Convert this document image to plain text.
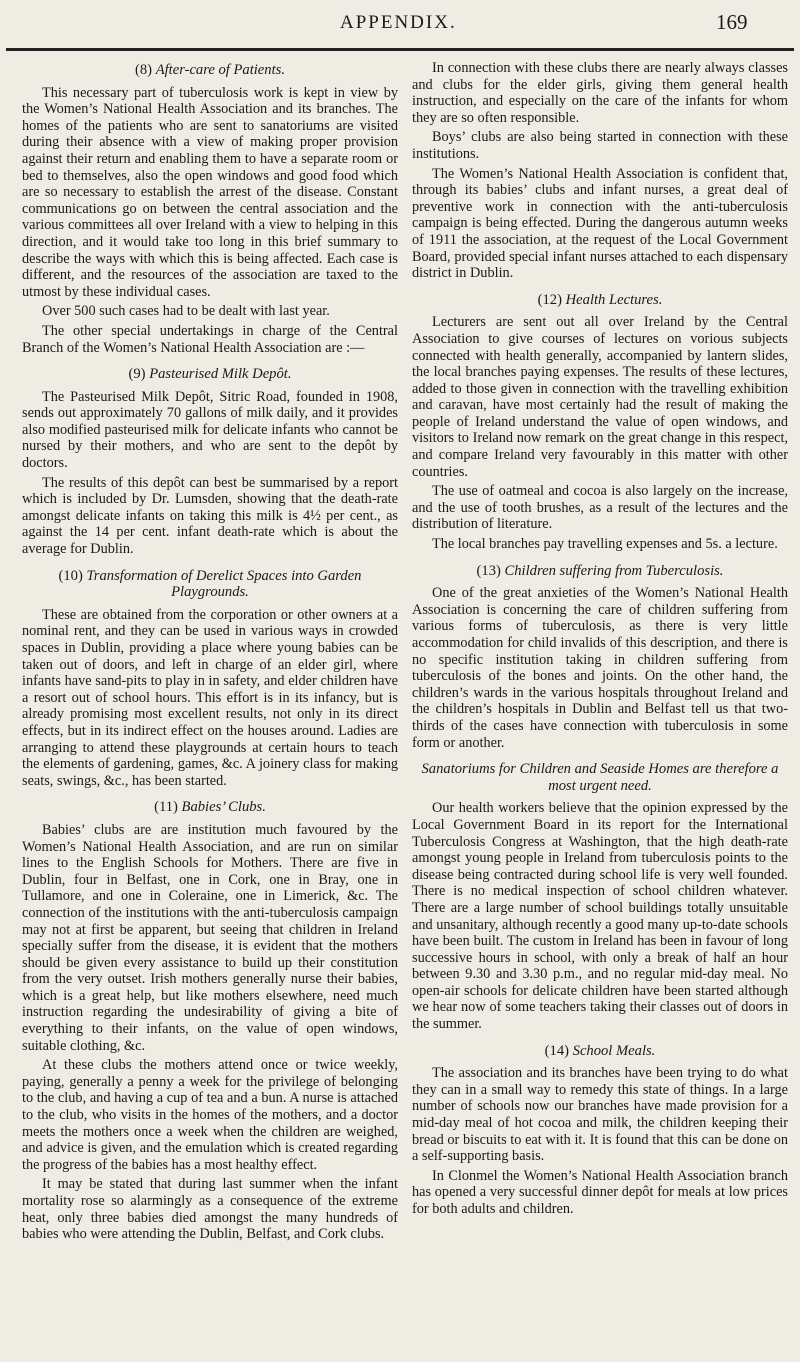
APPENDIX.	169
(8) After-care of Patients.

This necessary part of tuberculosis work is kept in view by the Women’s National Health Association and its branches. The homes of the patients who are sent to sanatoriums are visited during their absence with a view of making proper provision against their return and enabling them to have a separate room or bed to themselves, also the open windows and good food which are so necessary to establish the arrest of the disease. Constant communications go on between the central association and the various committees all over Ireland with a view to helping in this direction, and it would take too long in this brief summary to describe the ways with which this is being affected. Each case is different, and the resources of the association are taxed to the utmost by these individual cases.

Over 500 such cases had to be dealt with last year.

The other special undertakings in charge of the Central Branch of the Women’s National Health Association are :—

(9) Pasteurised Milk Depôt.

The Pasteurised Milk Depôt, Sitric Road, founded in 1908, sends out approximately 70 gallons of milk daily, and it provides also modified pasteurised milk for delicate infants who cannot be nursed by their mothers, and who are sent to the depôt by doctors.

The results of this depôt can best be summarised by a report which is included by Dr. Lumsden, showing that the death-rate amongst delicate infants on taking this milk is 4½ per cent., as against the 14 per cent. infant death-rate which is about the average for Dublin.

(10) Transformation of Derelict Spaces into Garden Playgrounds.

These are obtained from the corporation or other owners at a nominal rent, and they can be used in various ways in crowded spaces in Dublin, providing a place where young babies can be taken out of doors, and left in charge of an elder girl, where infants have sand-pits to play in in safety, and elder children have a resort out of school hours. This effort is in its infancy, but is already promising most excellent results, not only in its direct effects, but in its indirect effect on the houses around. Ladies are arranging to attend these playgrounds at certain hours to teach the elements of gardening, games, &c. A joinery class for making seats, swings, &c., has been started.

(11) Babies’ Clubs.

Babies’ clubs are are institution much favoured by the Women’s National Health Association, and are run on similar lines to the English Schools for Mothers. There are five in Dublin, four in Belfast, one in Cork, one in Bray, one in Tullamore, and one in Coleraine, one in Limerick, &c. The connection of the institutions with the anti-tuberculosis campaign may not at first be apparent, but seeing that children in Ireland specially suffer from the disease, it is evident that the mothers should be given every assistance to build up their constitution from the very outset. Irish mothers generally nurse their babies, which is a great help, but like mothers elsewhere, need much instruction regarding the undesirability of giving a bite of everything to their infants, on the value of open windows, suitable clothing, &c.

At these clubs the mothers attend once or twice weekly, paying, generally a penny a week for the privilege of belonging to the club, and having a cup of tea and a bun. A nurse is attached to the club, who visits in the homes of the mothers, and a doctor meets the mothers once a week when the children are weighed, and advice is given, and the emulation which is created regarding the progress of the babies has a most healthy effect.

It may be stated that during last summer when the infant mortality rose so alarmingly as a consequence of the extreme heat, only three babies died amongst the many hundreds of babies who were attending the Dublin, Belfast, and Cork clubs.

In connection with these clubs there are nearly always classes and clubs for the elder girls, giving them general health instruction, and especially on the care of the infants for whom they are so often responsible.

Boys’ clubs are also being started in connection with these institutions.

The Women’s National Health Association is confident that, through its babies’ clubs and infant nurses, a great deal of preventive work in connection with the anti-tuberculosis campaign is being effected. During the dangerous autumn weeks of 1911 the association, at the request of the Local Government Board, provided special infant nurses attached to each dispensary district in Dublin.

(12) Health Lectures.

Lecturers are sent out all over Ireland by the Central Association to give courses of lectures on vorious subjects connected with health generally, accompanied by lantern slides, the local branches paying expenses. The results of these lectures, added to those given in connection with the travelling exhibition and caravan, have most certainly had the result of making the people of Ireland understand the value of open windows, and visitors to Ireland now remark on the great change in this respect, and compare Ireland very favourably in this matter with other countries.

The use of oatmeal and cocoa is also largely on the increase, and the use of tooth brushes, as a result of the lectures and the distribution of literature.

The local branches pay travelling expenses and 5s. a lecture.

(13) Children suffering from Tuberculosis.

One of the great anxieties of the Women’s National Health Association is concerning the care of children suffering from various forms of tuberculosis, as there is very little accommodation for child invalids of this description, and there is no specific institution taking in children suffering from tuberculosis of the bones and joints. On the other hand, the children’s wards in the various hospitals throughout Ireland and the children’s hospitals in Dublin and Belfast tell us that two-thirds of the cases have connection with tuberculosis in some form or another.

Sanatoriums for Children and Seaside Homes are therefore a most urgent need.

Our health workers believe that the opinion expressed by the Local Government Board in its report for the International Tuberculosis Congress at Washington, that the high death-rate amongst young people in Ireland from tuberculosis points to the disease being contracted during school life is very well founded. There is no medical inspection of school children whatever. There are a large number of school buildings totally unsuitable and unsanitary, although recently a good many up-to-date schools have been built. The custom in Ireland has been in favour of long successive hours in school, with only a break of half an hour between 9.30 and 3.30 p.m., and no regular mid-day meal. No open-air schools for delicate children have been started although we hear now of some teachers taking their classes out of doors in the summer.

(14) School Meals.

The association and its branches have been trying to do what they can in a small way to remedy this state of things. In a large number of schools now our branches have made provision for a mid-day meal of hot cocoa and milk, the children keeping their bread or biscuits to eat with it. It is found that this can be done on a self-supporting basis.

In Clonmel the Women’s National Health Association branch has opened a very successful dinner depôt for meals at low prices for both adults and children.
